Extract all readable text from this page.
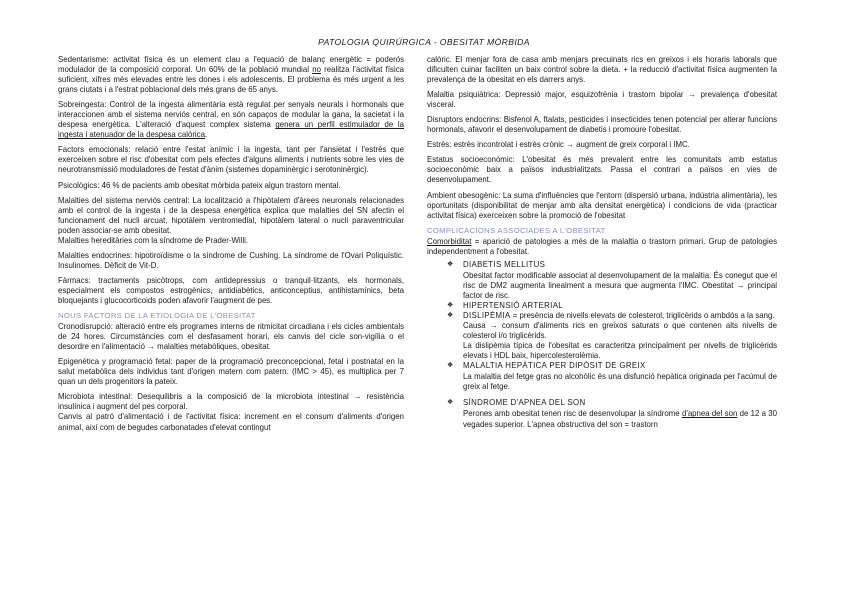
PATOLOGIA QUIRÚRGICA - OBESITAT MÒRBIDA

Sedentarisme: activitat física és un element clau a l'equació de balanç energètic = poderós modulador de la composició corporal. Un 60% de la població mundial no realitza l'activitat física suficient, xifres més elevades entre les dones i els adolescents. El problema és més urgent a les grans ciutats i a l'estrat poblacional dels més grans de 65 anys.

Sobreingesta: Control de la ingesta alimentària està regulat per senyals neurals i hormonals que interaccionen amb el sistema nerviós central, en són capaços de modular la gana, la sacietat i la despesa energètica. L'alteració d'aquest complex sistema genera un perfil estimulador de la ingesta i atenuador de la despesa calòrica.

Factors emocionals: relació entre l'estat anímic i la ingesta, tant per l'ansietat i l'estrès que exerceixen sobre el risc d'obesitat com pels efectes d'alguns aliments i nutrients sobre les vies de neurotransmissió moduladores de l'estat d'ànim (sistemes dopaminèrgic i serotoninèrgic).

Psicològics: 46 % de pacients amb obesitat mòrbida pateix algun trastorn mental.

Malalties del sistema nerviós central: La localització a l'hipòtalem d'àrees neuronals relacionades amb el control de la ingesta i de la despesa energètica explica que malalties del SN afectin el funcionament del nucli arcuat, hipotàlem ventromedial, hipotàlem lateral o nucli paraventricular poden associar-se amb obesitat.

Malalties hereditàries com la síndrome de Prader-Willi.

Malalties endocrines: hipotiroïdisme o la síndrome de Cushing. La síndrome de l'Ovari Poliquístic. Insulinomes. Dèficit de Vit-D.

Fàrmacs: tractaments psicòtrops, com antidepressius o tranquil·litzants, els hormonals, especialment els compostos estrogènics, antidiabètics, anticonceptius, antihistamínics, beta bloquejants i glucocorticoids poden afavorir l'augment de pes.

NOUS FACTORS DE LA ETIOLOGIA DE L'OBESITAT

Cronodisrupció: alteració entre els programes interns de ritmicitat circadiana i els cicles ambientals de 24 hores. Circumstàncies com el desfasament horari, els canvis del cicle son-vigília o el desordre en l'alimentació → malalties metabòliques, obesitat.

Epigenètica y programació fetal: paper de la programació preconcepcional, fetal i postnatal en la salut metabòlica dels individus tant d'origen matern com patern. (IMC > 45), es multiplica per 7 quan un dels progenitors la pateix.

Microbiota intestinal: Desequilibris a la composició de la microbiota intestinal → resistència insulínica i augment del pes corporal.

Canvis al patró d'alimentació i de l'activitat física: increment en el consum d'aliments d'origen animal, així com de begudes carbonatades d'elevat contingut

calòric. El menjar fora de casa amb menjars precuinats rics en greixos i els horaris laborals que dificulten cuinar faciliten un baix control sobre la dieta. + la reducció d'activitat física augmenten la prevalença de la obesitat en els darrers anys.

Malaltia psiquiàtrica: Depressió major, esquizofrènia i trastorn bipolar → prevalença d'obesitat visceral.

Disruptors endocrins: Bisfenol A, ftalats, pesticides i insecticides tenen potencial per alterar funcions hormonals, afavorir el desenvolupament de diabetis i promoure l'obesitat.

Estrès: estrès incontrolat i estrès crònic → augment de greix corporal i IMC.

Estatus socioeconòmic: L'obesitat és més prevalent entre les comunitats amb estatus socioeconòmic baix a països industrialitzats. Passa el contrari a països en vies de desenvolupament.

Ambient obesogènic: La suma d'influències que l'entorn (dispersió urbana, indústria alimentària), les oportunitats (disponibilitat de menjar amb alta densitat energètica) i condicions de vida (practicar activitat física) exerceixen sobre la promoció de l'obesitat

COMPLICACIONS ASSOCIADES A L'OBESITAT

Comorbiditat = aparició de patologies a més de la malaltia o trastorn primari. Grup de patologies independentment a l'obesitat.

❖ DIABETIS MELLITUS
Obesitat factor modificable associat al desenvolupament de la malaltia. És conegut que el risc de DM2 augmenta linealment a mesura que augmenta l'IMC. Obestitat → principal factor de risc.
❖ HIPERTENSIÓ ARTERIAL
❖ DISLIPÈMIA = presència de nivells elevats de colesterol, triglicèrids o ambdós a la sang.
Causa → consum d'aliments rics en greixos saturats o que contenen alts nivells de colesterol i/o triglicèrids.
La dislipèmia típica de l'obesitat es caracteritza principalment per nivells de triglicèrids elevats i HDL baix, hipercolesterolèmia.
❖ MALALTIA HEPÀTICA PER DIPÒSIT DE GREIX
La malaltia del fetge gras no alcohòlic és una disfunció hepàtica originada per l'acúmul de greix al fetge.
❖ SÍNDROME D'APNEA DEL SON
Perones amb obesitat tenen risc de desenvolupar la síndrome d'apnea del son de 12 a 30 vegades superior. L'apnea obstructiva del son = trastorn
